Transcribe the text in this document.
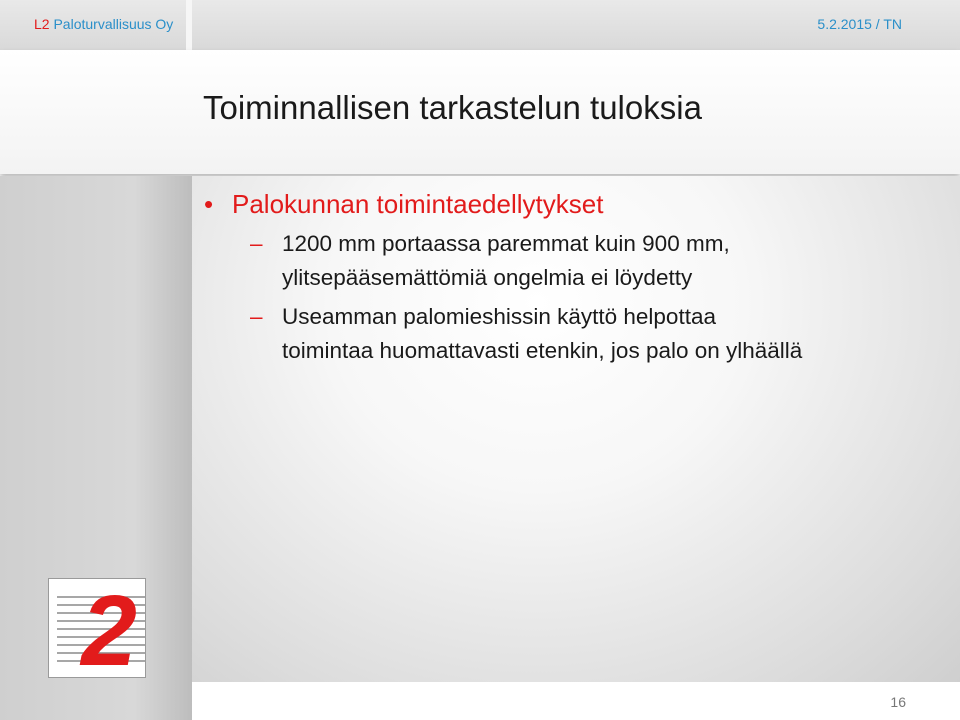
L2 Paloturvallisuus Oy	5.2.2015 / TN
Toiminnallisen tarkastelun tuloksia
• Palokunnan toimintaedellytykset
– 1200 mm portaassa paremmat kuin 900 mm,
ylitsepääsemättömiä ongelmia ei löydetty
– Useamman palomieshissin käyttö helpottaa
toimintaa huomattavasti etenkin, jos palo on ylhäällä
2
16
